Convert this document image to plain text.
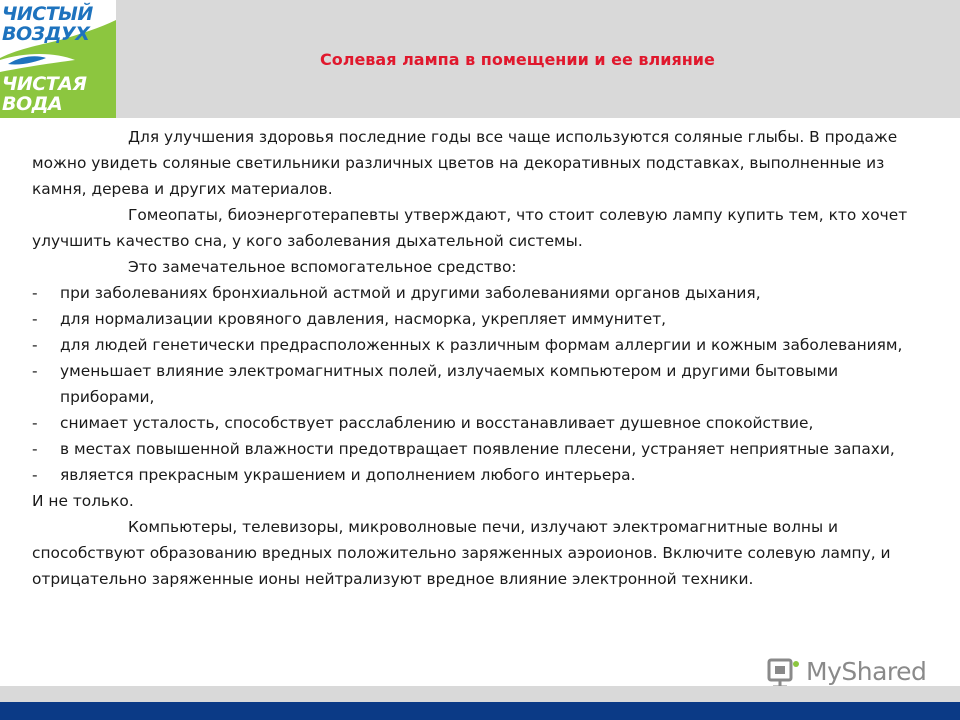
ЧИСТЫЙ
ВОЗДУХ
ЧИСТАЯ
ВОДА
Солевая лампа в помещении и ее влияние

Для улучшения здоровья последние годы все чаще используются соляные глыбы. В продаже можно увидеть соляные светильники различных цветов на декоративных подставках, выполненные из камня, дерева и других материалов.

Гомеопаты, биоэнерготерапевты утверждают, что стоит солевую лампу купить тем, кто хочет улучшить качество сна, у кого заболевания дыхательной системы.

Это замечательное вспомогательное средство:

- при заболеваниях бронхиальной астмой и другими заболеваниями органов дыхания,
- для нормализации кровяного давления, насморка, укрепляет иммунитет,
- для людей генетически предрасположенных к различным формам аллергии и кожным заболеваниям,
- уменьшает влияние электромагнитных полей, излучаемых компьютером и другими бытовыми приборами,
- снимает усталость, способствует расслаблению и восстанавливает душевное спокойствие,
- в местах повышенной влажности предотвращает появление плесени, устраняет неприятные запахи,
- является прекрасным украшением и дополнением любого интерьера.

И не только.

Компьютеры, телевизоры, микроволновые печи, излучают электромагнитные волны и способствуют образованию вредных положительно заряженных аэроионов. Включите солевую лампу, и отрицательно заряженные ионы нейтрализуют вредное влияние электронной техники.

MyShared
